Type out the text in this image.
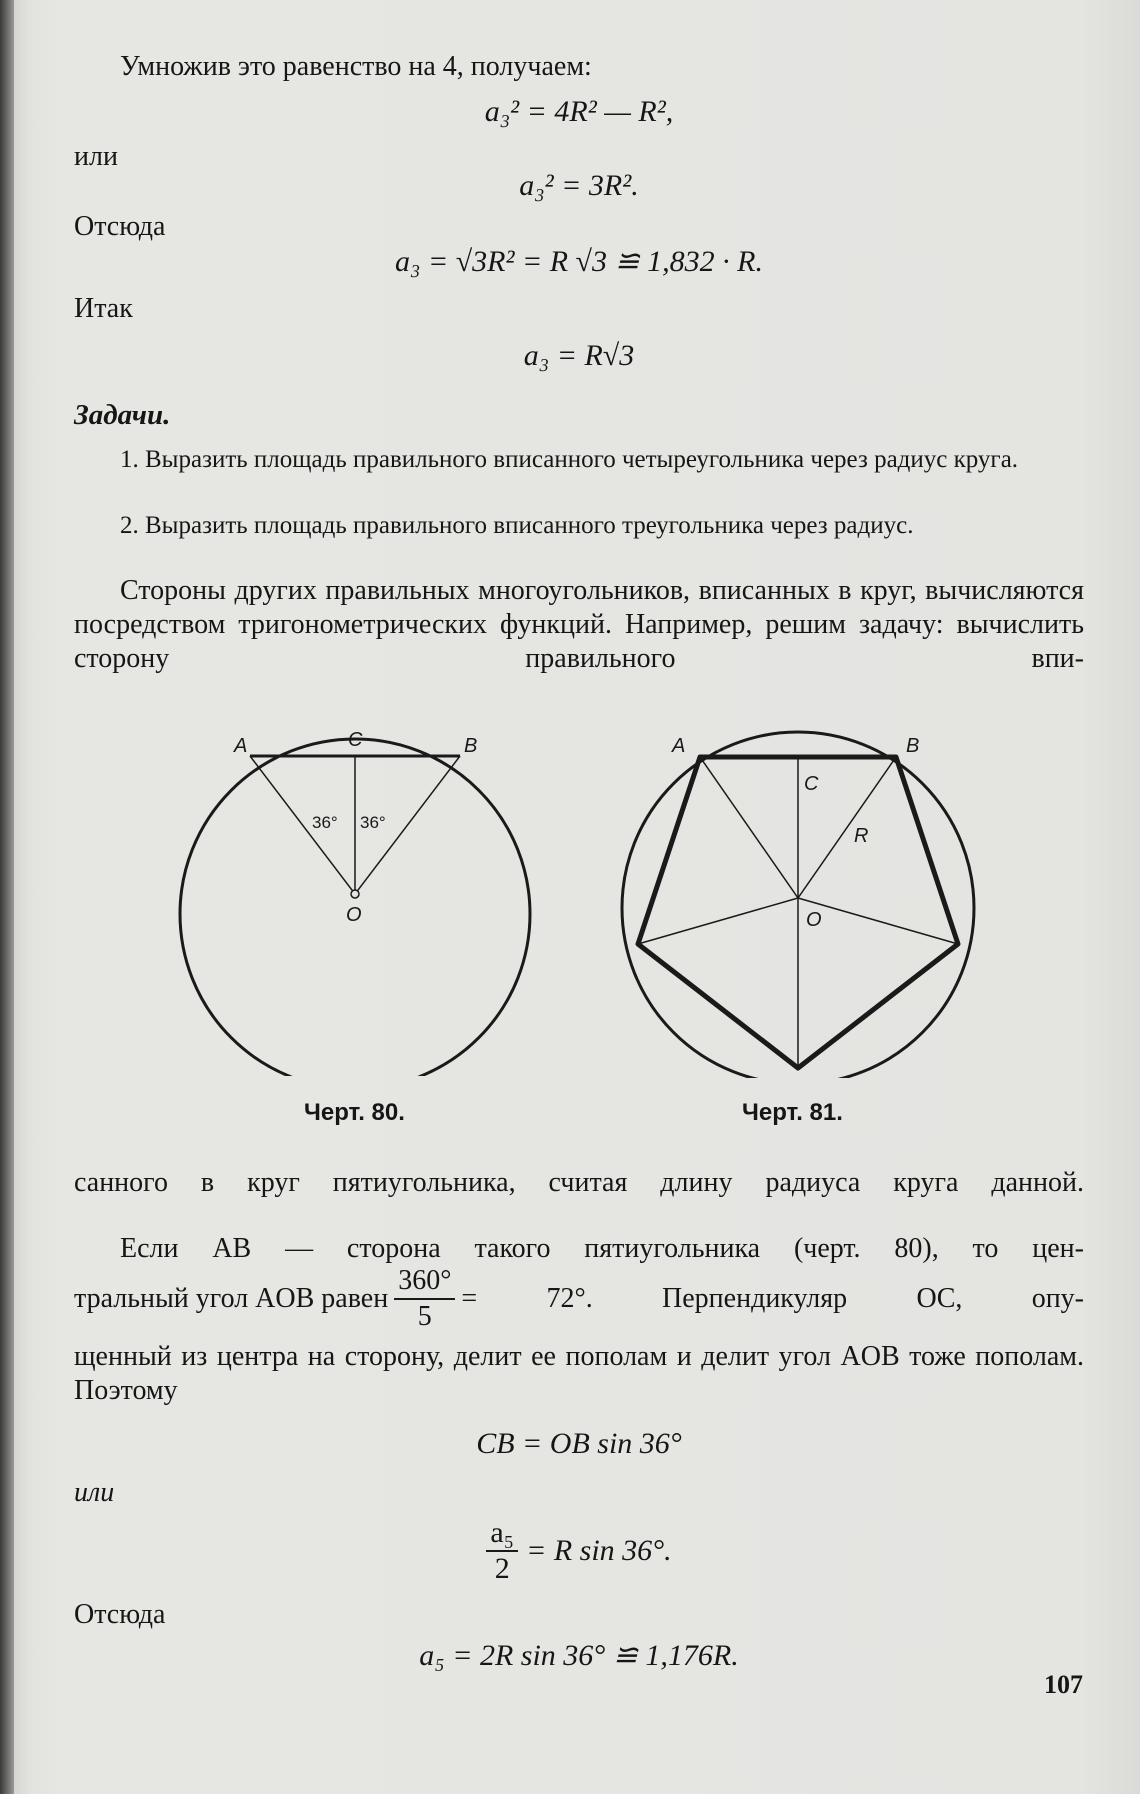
Умножив это равенство на 4, получаем:

a₃² = 4R² — R²,
или
a₃² = 3R².
Отсюда
a₃ = √3R² = R √3 ≌ 1,832 · R.
Итак
a₃ = R√3
Задачи.

1. Выразить площадь правильного вписанного четыреугольника через радиус круга.

2. Выразить площадь правильного вписанного треугольника через радиус.

Стороны других правильных многоугольников, вписанных в круг, вычисляются посредством тригонометрических функций. Например, решим задачу: вычислить сторону правильного впи-

A	B
C
O
36° 36°
Черт. 80.
A	B
C
O
R
Черт. 81.

санного в круг пятиугольника, считая длину радиуса круга данной.

Если AB — сторона такого пятиугольника (черт. 80), то цен-

тральный угол AOB равен $\frac{360^\circ}{5} = 72^\circ$. Перпендикуляр OC, опу-

щенный из центра на сторону, делит ее пополам и делит угол AOB тоже пополам. Поэтому

CB = OB sin 36°
или
$\frac{\text{a₅}}{2} = R$ sin 36°.
Отсюда
a₅ = 2R sin 36° ≌ 1,176R.
107
